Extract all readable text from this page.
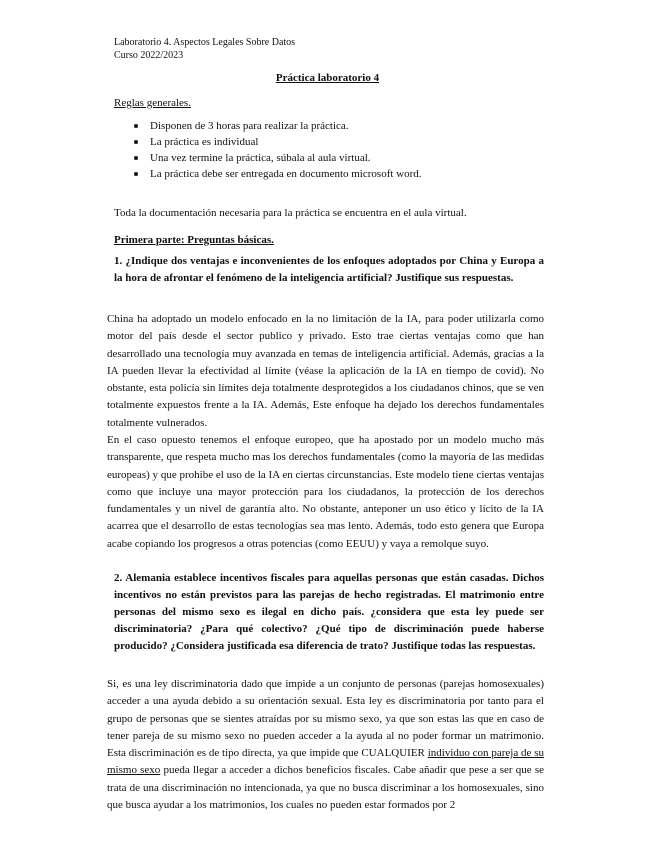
Laboratorio 4. Aspectos Legales Sobre Datos
Curso 2022/2023
Práctica laboratorio 4
Reglas generales.
Disponen de 3 horas para realizar la práctica.
La práctica es individual
Una vez termine la práctica, súbala al aula virtual.
La práctica debe ser entregada en documento microsoft word.
Toda la documentación necesaria para la práctica se encuentra en el aula virtual.
Primera parte: Preguntas básicas.
1. ¿Indique dos ventajas e inconvenientes de los enfoques adoptados por China y Europa a la hora de afrontar el fenómeno de la inteligencia artificial? Justifique sus respuestas.
China ha adoptado un modelo enfocado en la no limitación de la IA, para poder utilizarla como motor del país desde el sector publico y privado. Esto trae ciertas ventajas como que han desarrollado una tecnología muy avanzada en temas de inteligencia artificial. Además, gracias a la IA pueden llevar la efectividad al límite (véase la aplicación de la IA en tiempo de covid). No obstante, esta policía sin límites deja totalmente desprotegidos a los ciudadanos chinos, que se ven totalmente expuestos frente a la IA. Además, Este enfoque ha dejado los derechos fundamentales totalmente vulnerados.
En el caso opuesto tenemos el enfoque europeo, que ha apostado por un modelo mucho más transparente, que respeta mucho mas los derechos fundamentales (como la mayoría de las medidas europeas) y que prohibe el uso de la IA en ciertas circunstancias. Este modelo tiene ciertas ventajas como que incluye una mayor protección para los ciudadanos, la protección de los derechos fundamentales y un nivel de garantía alto. No obstante, anteponer un uso ético y lícito de la IA acarrea que el desarrollo de estas tecnologías sea mas lento. Además, todo esto genera que Europa acabe copiando los progresos a otras potencias (como EEUU) y vaya a remolque suyo.
2. Alemania establece incentivos fiscales para aquellas personas que están casadas. Dichos incentivos no están previstos para las parejas de hecho registradas. El matrimonio entre personas del mismo sexo es ilegal en dicho país. ¿considera que esta ley puede ser discriminatoria? ¿Para qué colectivo? ¿Qué tipo de discriminación puede haberse producido? ¿Considera justificada esa diferencia de trato? Justifique todas las respuestas.
Si, es una ley discriminatoria dado que impide a un conjunto de personas (parejas homosexuales) acceder a una ayuda debido a su orientación sexual. Esta ley es discriminatoria por tanto para el grupo de personas que se sientes atraídas por su mismo sexo, ya que son estas las que en caso de tener pareja de su mismo sexo no pueden acceder a la ayuda al no poder formar un matrimonio. Esta discriminación es de tipo directa, ya que impide que CUALQUIER individuo con pareja de su mismo sexo pueda llegar a acceder a dichos beneficios fiscales. Cabe añadir que pese a ser que se trata de una discriminación no intencionada, ya que no busca discriminar a los homosexuales, sino que busca ayudar a los matrimonios, los cuales no pueden estar formados por 2
